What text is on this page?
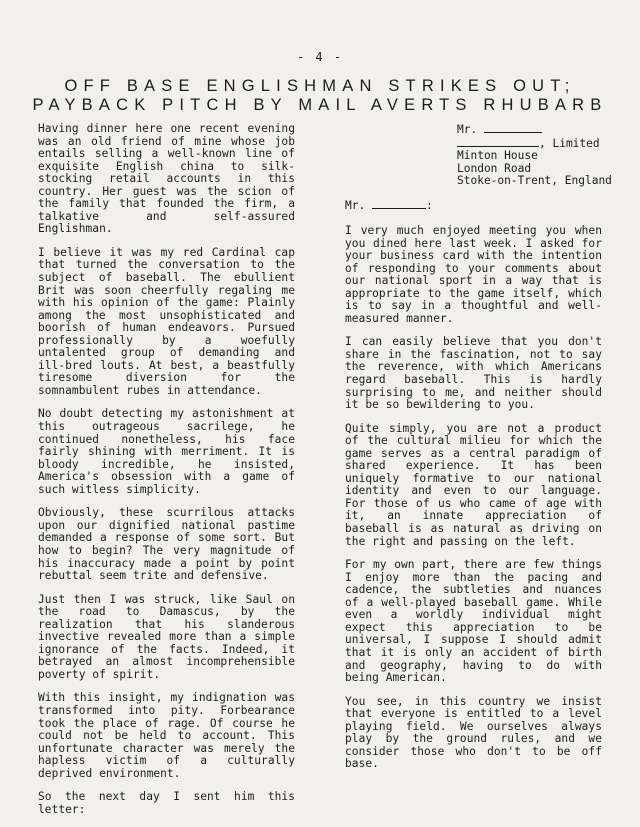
- 4 -
OFF BASE ENGLISHMAN STRIKES OUT;
PAYBACK PITCH BY MAIL AVERTS RHUBARB

Having dinner here one recent evening was an old friend of mine whose job entails selling a well-known line of exquisite English china to silk-stocking retail accounts in this country. Her guest was the scion of the family that founded the firm, a talkative and self-assured Englishman.

I believe it was my red Cardinal cap that turned the conversation to the subject of baseball. The ebullient Brit was soon cheerfully regaling me with his opinion of the game: Plainly among the most unsophisticated and boorish of human endeavors. Pursued professionally by a woefully untalented group of demanding and ill-bred louts. At best, a beastfully tiresome diversion for the somnambulent rubes in attendance.

No doubt detecting my astonishment at this outrageous sacrilege, he continued nonetheless, his face fairly shining with merriment. It is bloody incredible, he insisted, America's obsession with a game of such witless simplicity.

Obviously, these scurrilous attacks upon our dignified national pastime demanded a response of some sort. But how to begin? The very magnitude of his inaccuracy made a point by point rebuttal seem trite and defensive.

Just then I was struck, like Saul on the road to Damascus, by the realization that his slanderous invective revealed more than a simple ignorance of the facts. Indeed, it betrayed an almost incomprehensible poverty of spirit.

With this insight, my indignation was transformed into pity. Forbearance took the place of rage. Of course he could not be held to account. This unfortunate character was merely the hapless victim of a culturally deprived environment.

So the next day I sent him this letter:

Mr.
, Limited
Minton House
London Road
Stoke-on-Trent, England
Mr.	:

I very much enjoyed meeting you when you dined here last week. I asked for your business card with the intention of responding to your comments about our national sport in a way that is appropriate to the game itself, which is to say in a thoughtful and well-measured manner.

I can easily believe that you don't share in the fascination, not to say the reverence, with which Americans regard baseball. This is hardly surprising to me, and neither should it be so bewildering to you.

Quite simply, you are not a product of the cultural milieu for which the game serves as a central paradigm of shared experience. It has been uniquely formative to our national identity and even to our language. For those of us who came of age with it, an innate appreciation of baseball is as natural as driving on the right and passing on the left.

For my own part, there are few things I enjoy more than the pacing and cadence, the subtleties and nuances of a well-played baseball game. While even a worldly individual might expect this appreciation to be universal, I suppose I should admit that it is only an accident of birth and geography, having to do with being American.

You see, in this country we insist that everyone is entitled to a level playing field. We ourselves always play by the ground rules, and we consider those who don't to be off base.
